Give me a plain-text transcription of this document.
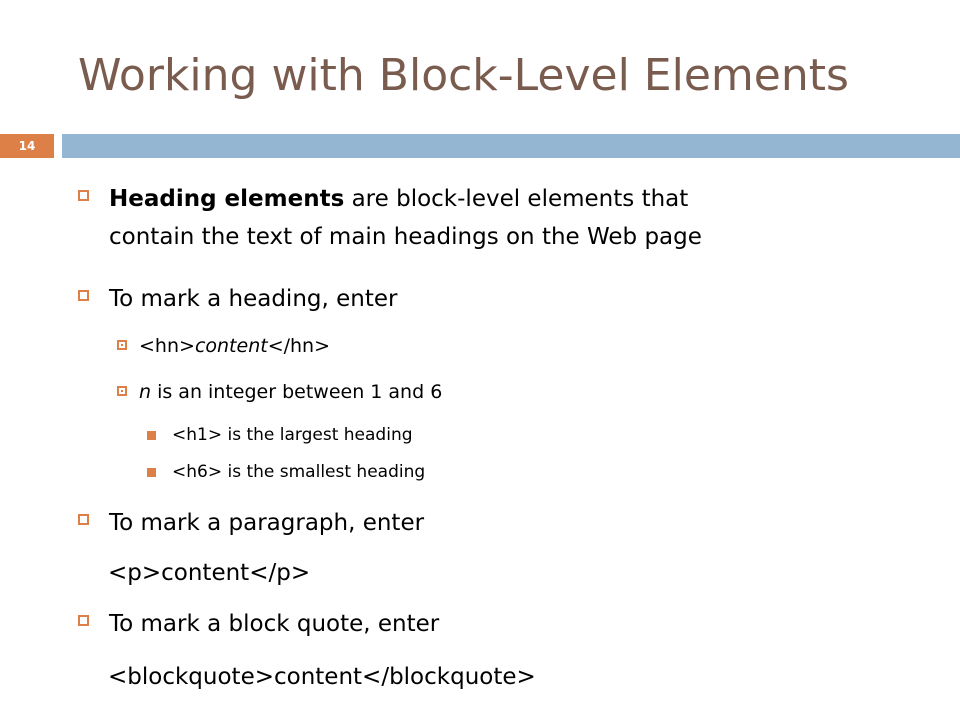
Working with Block-Level Elements
14
Heading elements are block-level elements that
contain the text of main headings on the Web page
To mark a heading, enter
<hn>content</hn>
n is an integer between 1 and 6
<h1> is the largest heading
<h6> is the smallest heading
To mark a paragraph, enter
<p>content</p>
To mark a block quote, enter
<blockquote>content</blockquote>
